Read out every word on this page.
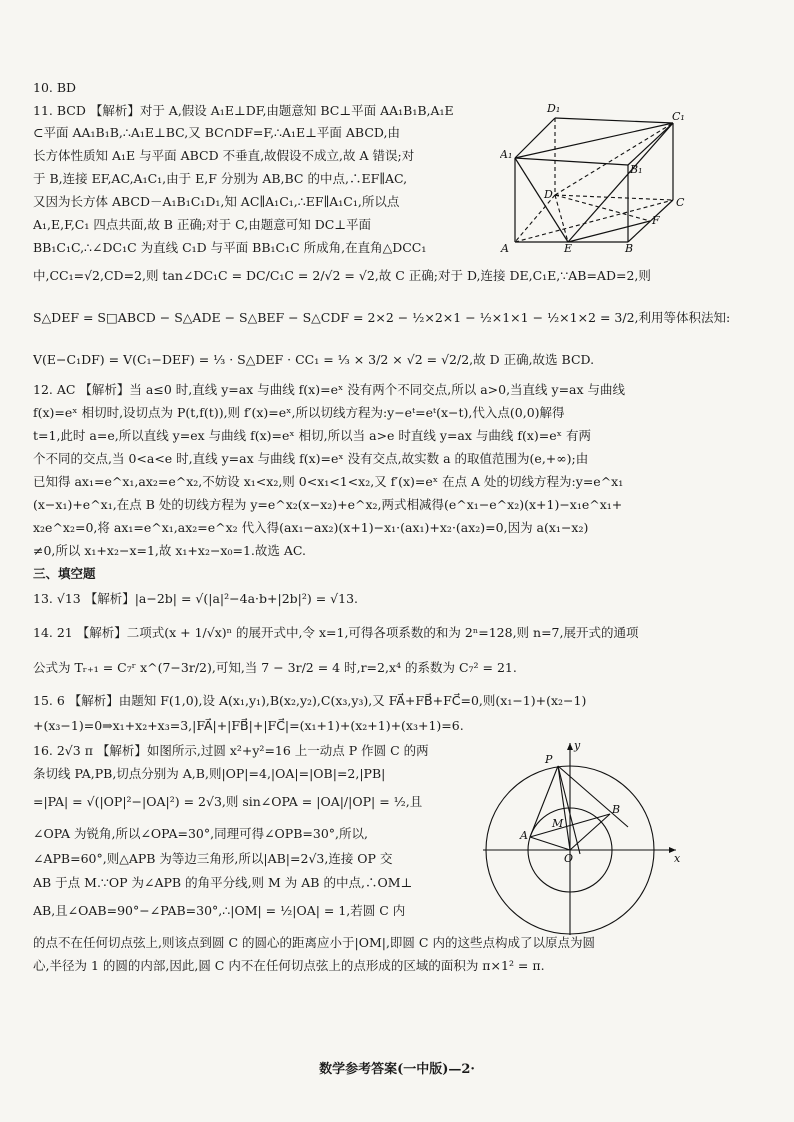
10. BD
11. BCD 【解析】对于 A,假设 A₁E⊥DF,由题意知 BC⊥平面 AA₁B₁B,A₁E
⊂平面 AA₁B₁B,∴A₁E⊥BC,又 BC∩DF=F,∴A₁E⊥平面 ABCD,由
长方体性质知 A₁E 与平面 ABCD 不垂直,故假设不成立,故 A 错误;对
于 B,连接 EF,AC,A₁C₁,由于 E,F 分别为 AB,BC 的中点,∴EF∥AC,
又因为长方体 ABCD－A₁B₁C₁D₁,知 AC∥A₁C₁,∴EF∥A₁C₁,所以点
A₁,E,F,C₁ 四点共面,故 B 正确;对于 C,由题意可知 DC⊥平面
BB₁C₁C,∴∠DC₁C 为直线 C₁D 与平面 BB₁C₁C 所成角,在直角△DCC₁
中,CC₁=√2,CD=2,则 tan∠DC₁C = DC/C₁C = 2/√2 = √2,故 C 正确;对于 D,连接 DE,C₁E,∵AB=AD=2,则
S△DEF = S□ABCD − S△ADE − S△BEF − S△CDF = 2×2 − ½×2×1 − ½×1×1 − ½×1×2 = 3/2,利用等体积法知:
V(E−C₁DF) = V(C₁−DEF) = ⅓ · S△DEF · CC₁ = ⅓ × 3/2 × √2 = √2/2,故 D 正确,故选 BCD.
12. AC 【解析】当 a≤0 时,直线 y=ax 与曲线 f(x)=eˣ 没有两个不同交点,所以 a>0,当直线 y=ax 与曲线
f(x)=eˣ 相切时,设切点为 P(t,f(t)),则 f′(x)=eˣ,所以切线方程为:y−eᵗ=eᵗ(x−t),代入点(0,0)解得
t=1,此时 a=e,所以直线 y=ex 与曲线 f(x)=eˣ 相切,所以当 a>e 时直线 y=ax 与曲线 f(x)=eˣ 有两
个不同的交点,当 0<a<e 时,直线 y=ax 与曲线 f(x)=eˣ 没有交点,故实数 a 的取值范围为(e,+∞);由
已知得 ax₁=e^x₁,ax₂=e^x₂,不妨设 x₁<x₂,则 0<x₁<1<x₂,又 f′(x)=eˣ 在点 A 处的切线方程为:y=e^x₁
(x−x₁)+e^x₁,在点 B 处的切线方程为 y=e^x₂(x−x₂)+e^x₂,两式相减得(e^x₁−e^x₂)(x+1)−x₁e^x₁+
x₂e^x₂=0,将 ax₁=e^x₁,ax₂=e^x₂ 代入得(ax₁−ax₂)(x+1)−x₁·(ax₁)+x₂·(ax₂)=0,因为 a(x₁−x₂)
≠0,所以 x₁+x₂−x=1,故 x₁+x₂−x₀=1.故选 AC.
三、填空题
13. √13 【解析】|a−2b| = √(|a|²−4a·b+|2b|²) = √13.
14. 21 【解析】二项式(x + 1/√x)ⁿ 的展开式中,令 x=1,可得各项系数的和为 2ⁿ=128,则 n=7,展开式的通项
公式为 Tᵣ₊₁ = C₇ʳ x^(7−3r/2),可知,当 7 − 3r/2 = 4 时,r=2,x⁴ 的系数为 C₇² = 21.
15. 6 【解析】由题知 F(1,0),设 A(x₁,y₁),B(x₂,y₂),C(x₃,y₃),又 FA⃗+FB⃗+FC⃗=0,则(x₁−1)+(x₂−1)
+(x₃−1)=0⇒x₁+x₂+x₃=3,|FA⃗|+|FB⃗|+|FC⃗|=(x₁+1)+(x₂+1)+(x₃+1)=6.
16. 2√3 π 【解析】如图所示,过圆 x²+y²=16 上一动点 P 作圆 C 的两
条切线 PA,PB,切点分别为 A,B,则|OP|=4,|OA|=|OB|=2,|PB|
=|PA| = √(|OP|²−|OA|²) = 2√3,则 sin∠OPA = |OA|/|OP| = ½,且
∠OPA 为锐角,所以∠OPA=30°,同理可得∠OPB=30°,所以,
∠APB=60°,则△APB 为等边三角形,所以|AB|=2√3,连接 OP 交
AB 于点 M.∵OP 为∠APB 的角平分线,则 M 为 AB 的中点,∴OM⊥
AB,且∠OAB=90°−∠PAB=30°,∴|OM| = ½|OA| = 1,若圆 C 内
的点不在任何切点弦上,则该点到圆 C 的圆心的距离应小于|OM|,即圆 C 内的这些点构成了以原点为圆
心,半径为 1 的圆的内部,因此,圆 C 内不在任何切点弦上的点形成的区域的面积为 π×1² = π.
D₁
C₁
A₁
B₁
D
C
A	E	B
F
y
x
P
B
A
M
O
数学参考答案(一中版)—2·
